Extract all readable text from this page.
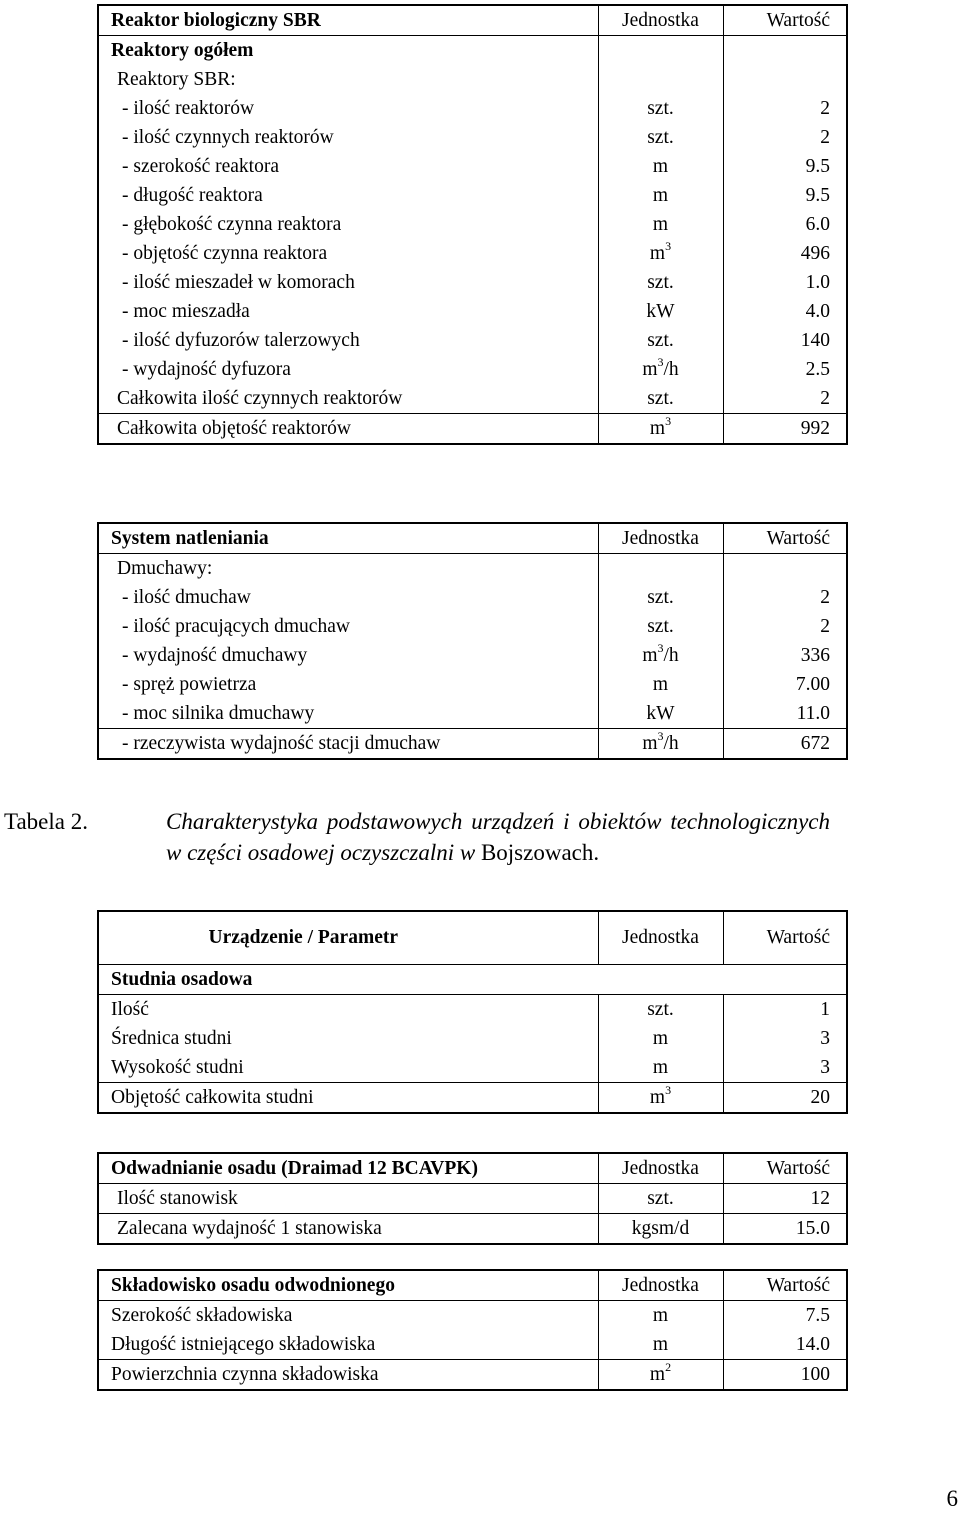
Reaktor biologiczny SBR	Jednostka	Wartość
Reaktory ogółem		
Reaktory SBR:		
- ilość reaktorów	szt.	2
- ilość czynnych reaktorów	szt.	2
- szerokość reaktora	m	9.5
- długość reaktora	m	9.5
- głębokość czynna reaktora	m	6.0
- objętość czynna reaktora	$m^3$	496
- ilość mieszadeł w komorach	szt.	1.0
- moc mieszadła	kW	4.0
- ilość dyfuzorów talerzowych	szt.	140
- wydajność dyfuzora	$m^3/h$	2.5
Całkowita ilość czynnych reaktorów	szt.	2
Całkowita objętość reaktorów	$m^3$	992
System natleniania	Jednostka	Wartość
Dmuchawy:		
- ilość dmuchaw	szt.	2
- ilość pracujących dmuchaw	szt.	2
- wydajność dmuchawy	$m^3/h$	336
- spręż powietrza	m	7.00
- moc silnika dmuchawy	kW	11.0
- rzeczywista wydajność stacji dmuchaw	$m^3/h$	672
Tabela 2.	Charakterystyka podstawowych urządzeń i obiektów technologicznych w części osadowej oczyszczalni w Bojszowach.
Urządzenie / Parametr	Jednostka	Wartość
Studnia osadowa		
Ilość	szt.	1
Średnica studni	m	3
Wysokość studni	m	3
Objętość całkowita studni	$m^3$	20
Odwadnianie osadu (Draimad 12 BCAVPK)	Jednostka	Wartość
Ilość stanowisk	szt.	12
Zalecana wydajność 1 stanowiska	kgsm/d	15.0
Składowisko osadu odwodnionego	Jednostka	Wartość
Szerokość składowiska	m	7.5
Długość istniejącego składowiska	m	14.0
Powierzchnia czynna składowiska	$m^2$	100
6
